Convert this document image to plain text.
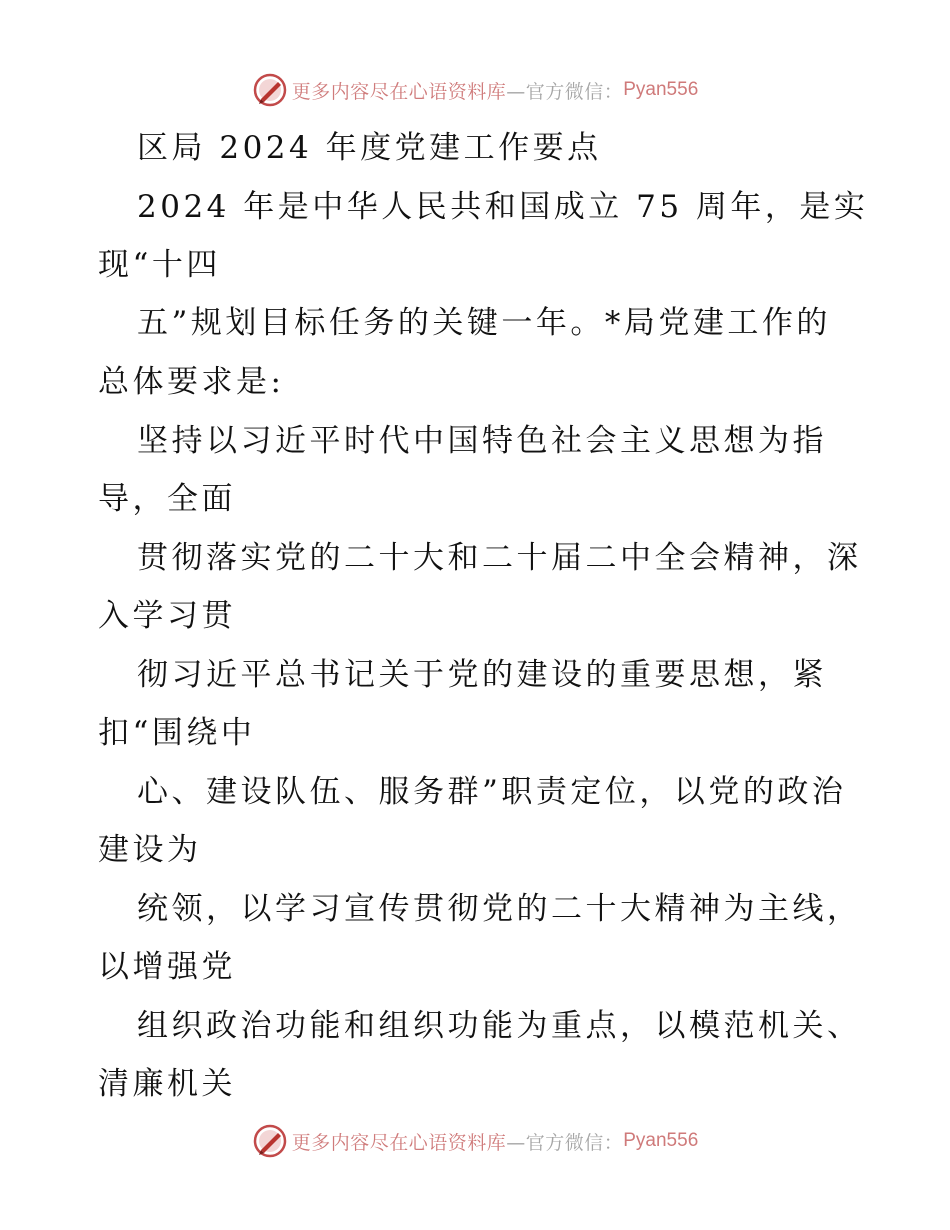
更多内容尽在心语资料库 —官方微信： Pyan556
区局 2024 年度党建工作要点
2024 年是中华人民共和国成立 75 周年，是实
现“十四
五”规划目标任务的关键一年。*局党建工作的
总体要求是:
坚持以习近平时代中国特色社会主义思想为指
导，全面
贯彻落实党的二十大和二十届二中全会精神，深
入学习贯
彻习近平总书记关于党的建设的重要思想，紧
扣“围绕中
心、建设队伍、服务群”职责定位，以党的政治
建设为
统领，以学习宣传贯彻党的二十大精神为主线，
以增强党
组织政治功能和组织功能为重点，以模范机关、
清廉机关
更多内容尽在心语资料库 —官方微信： Pyan556
